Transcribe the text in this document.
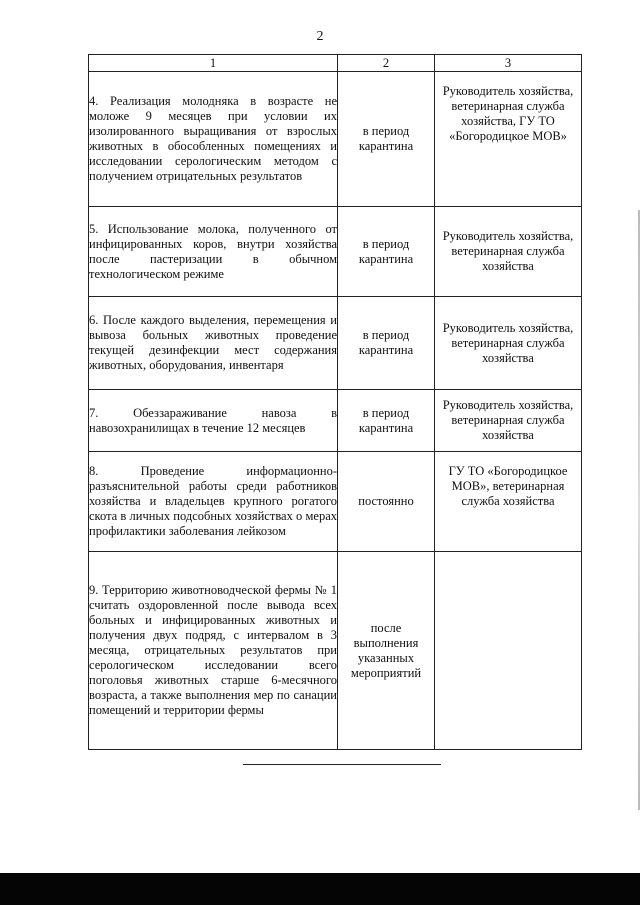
2
1	2	3
4. Реализация молодняка в возрасте не моложе 9 месяцев при условии их изолированного выращивания от взрослых животных в обособленных помещениях и исследовании серологическим методом с получением отрицательных результатов	в период карантина	Руководитель хозяйства, ветеринарная служба хозяйства, ГУ ТО «Богородицкое МОВ»
5. Использование молока, полученного от инфицированных коров, внутри хозяйства после пастеризации в обычном технологическом режиме	в период карантина	Руководитель хозяйства, ветеринарная служба хозяйства
6. После каждого выделения, перемещения и вывоза больных животных проведение текущей дезинфекции мест содержания животных, оборудования, инвентаря	в период карантина	Руководитель хозяйства, ветеринарная служба хозяйства
7. Обеззараживание навоза в навозохранилищах в течение 12 месяцев	в период карантина	Руководитель хозяйства, ветеринарная служба хозяйства
8. Проведение информационно-разъяснительной работы среди работников хозяйства и владельцев крупного рогатого скота в личных подсобных хозяйствах о мерах профилактики заболевания лейкозом	постоянно	ГУ ТО «Богородицкое МОВ», ветеринарная служба хозяйства
9. Территорию животноводческой фермы № 1 считать оздоровленной после вывода всех больных и инфицированных животных и получения двух подряд, с интервалом в 3 месяца, отрицательных результатов при серологическом исследовании всего поголовья животных старше 6-месячного возраста, а также выполнения мер по санации помещений и территории фермы	после выполнения указанных мероприятий	
